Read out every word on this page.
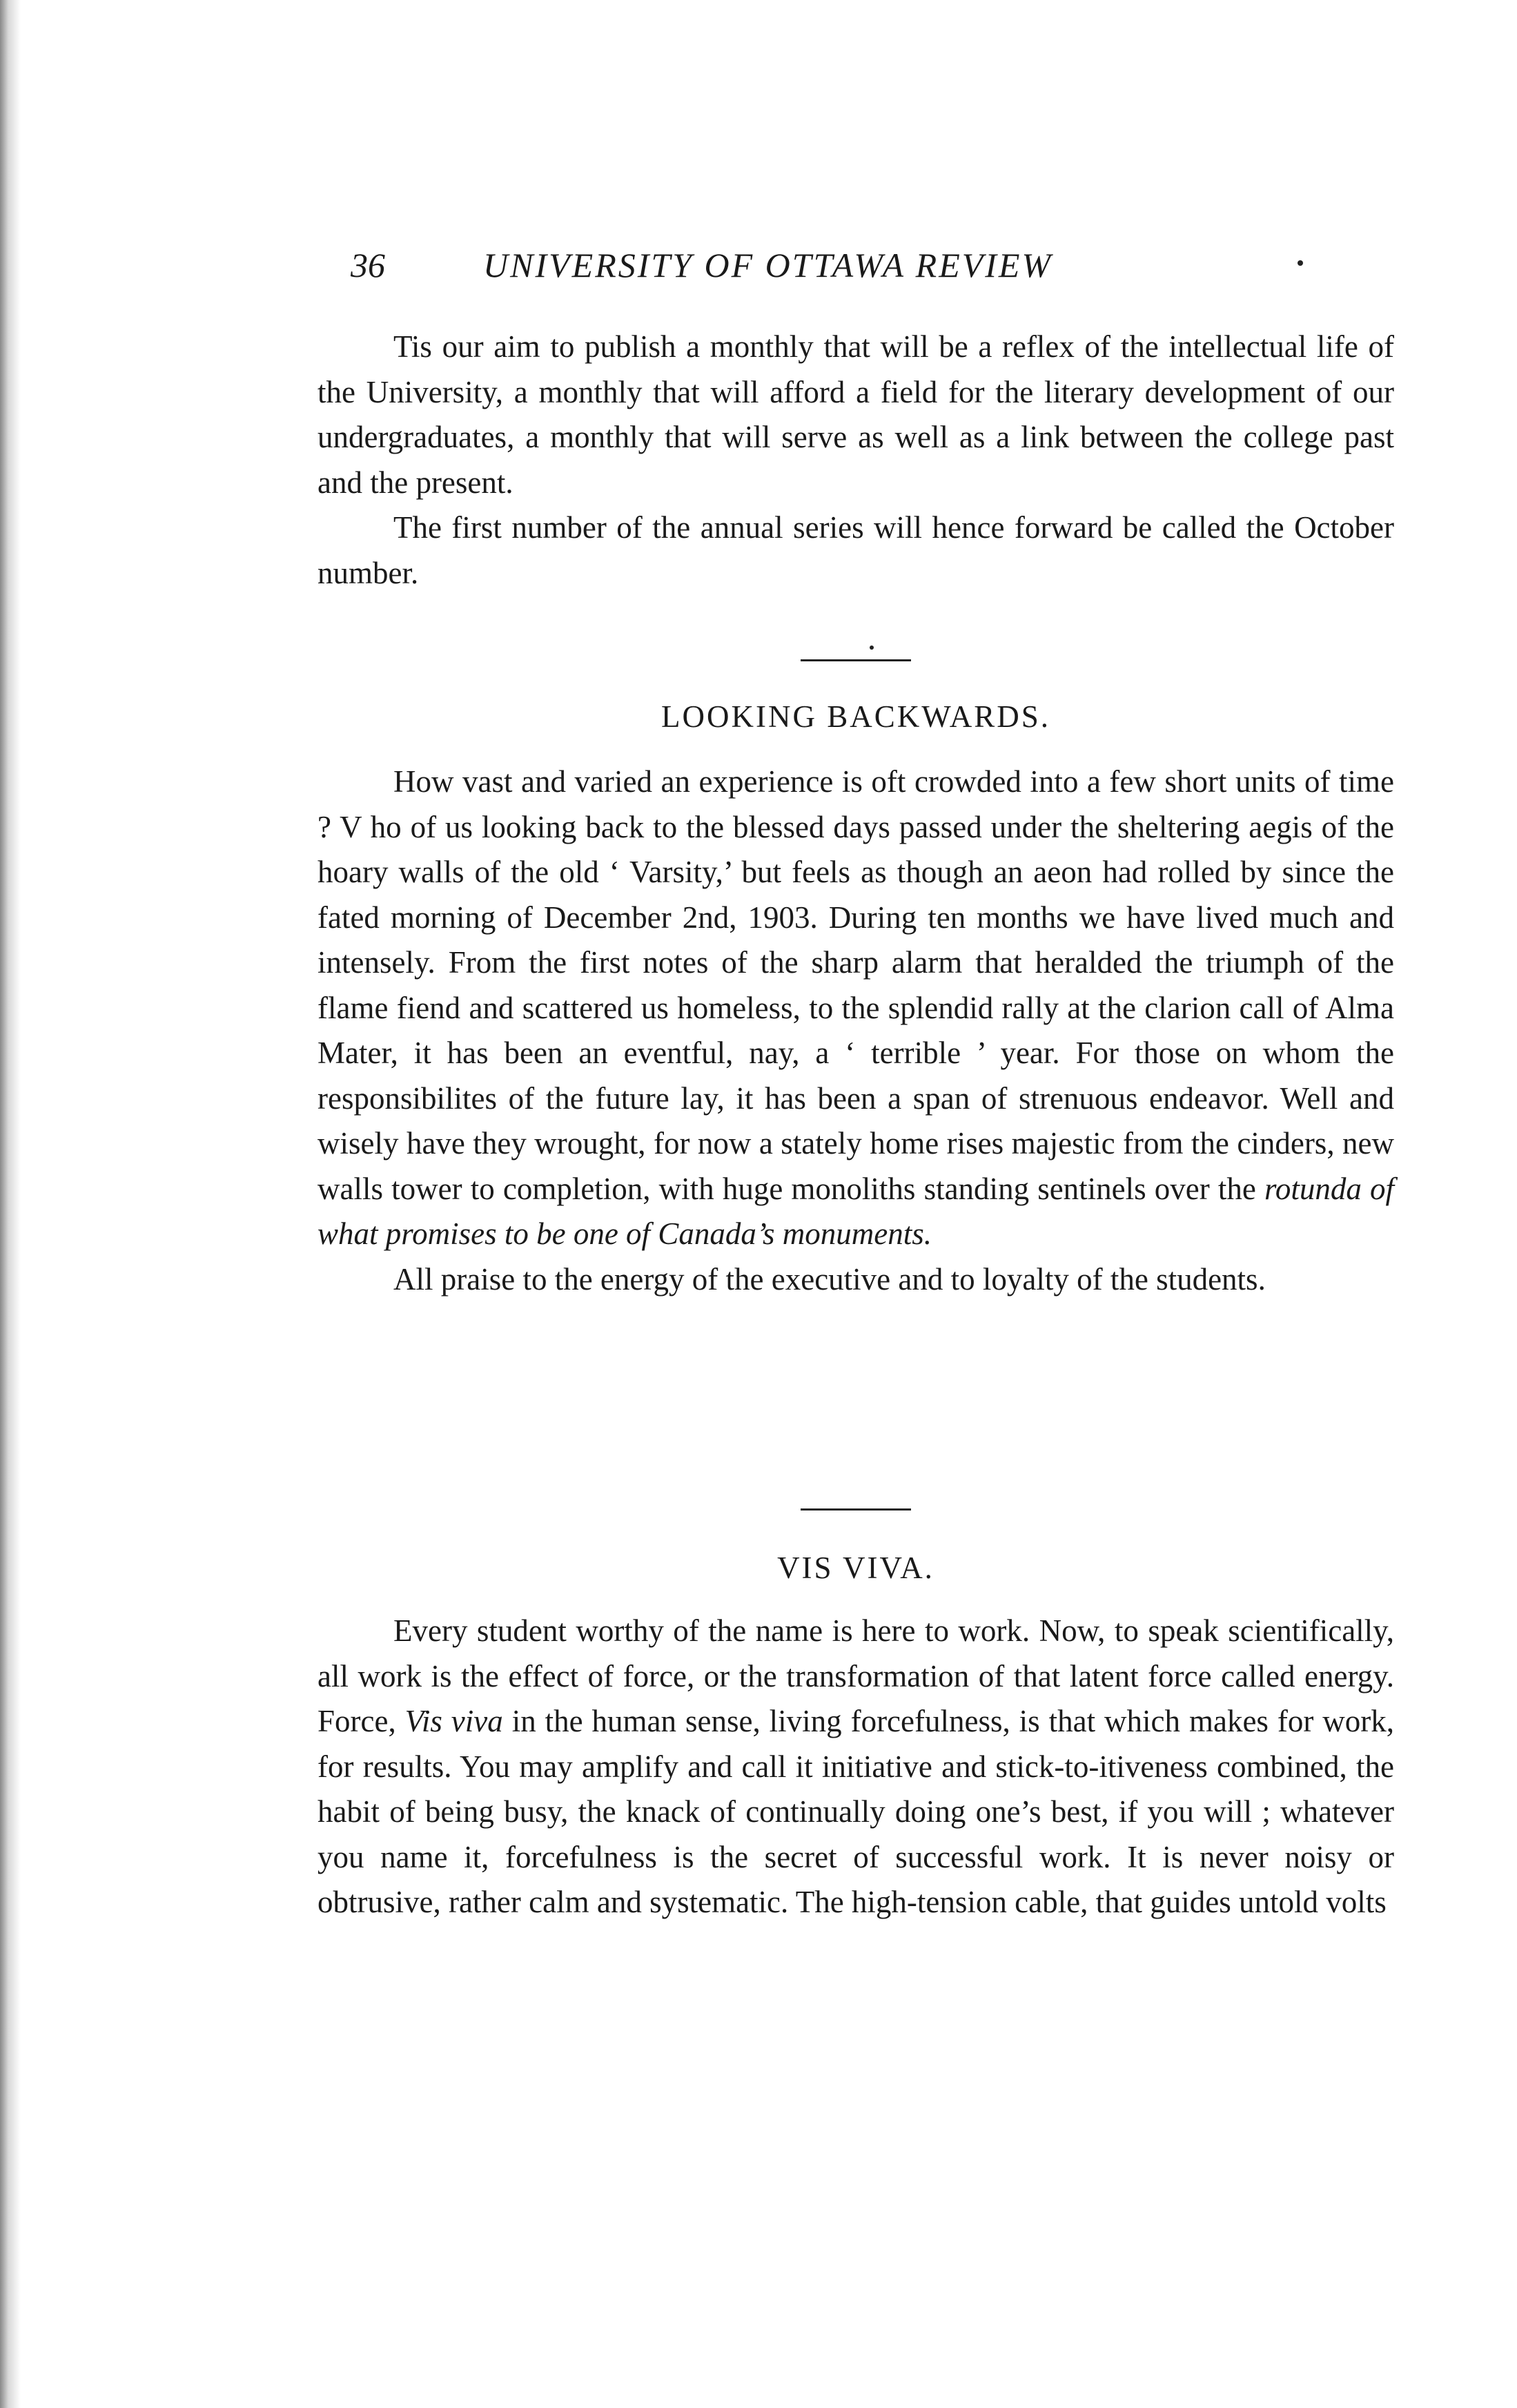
36	UNIVERSITY OF OTTAWA REVIEW

Tis our aim to publish a monthly that will be a reflex of the intellectual life of the University, a monthly that will afford a field for the literary development of our undergraduates, a monthly that will serve as well as a link between the college past and the present.

The first number of the annual series will hence forward be called the October number.

LOOKING BACKWARDS.

How vast and varied an experience is oft crowded into a few short units of time ? V ho of us looking back to the blessed days passed under the sheltering aegis of the hoary walls of the old ‘ Varsity,’ but feels as though an aeon had rolled by since the fated morning of December 2nd, 1903. During ten months we have lived much and intensely. From the first notes of the sharp alarm that heralded the triumph of the flame fiend and scattered us homeless, to the splendid rally at the clarion call of Alma Mater, it has been an eventful, nay, a ‘ terrible ’ year. For those on whom the responsibilites of the future lay, it has been a span of strenuous endeavor. Well and wisely have they wrought, for now a stately home rises majestic from the cinders, new walls tower to completion, with huge monoliths standing sentinels over the rotunda of what promises to be one of Canada’s monuments.

All praise to the energy of the executive and to loyalty of the students.

VIS VIVA.

Every student worthy of the name is here to work. Now, to speak scientifically, all work is the effect of force, or the transformation of that latent force called energy. Force, Vis viva in the human sense, living forcefulness, is that which makes for work, for results. You may amplify and call it initiative and stick-to-itiveness combined, the habit of being busy, the knack of continually doing one’s best, if you will ; whatever you name it, forcefulness is the secret of successful work. It is never noisy or obtrusive, rather calm and systematic. The high-tension cable, that guides untold volts
